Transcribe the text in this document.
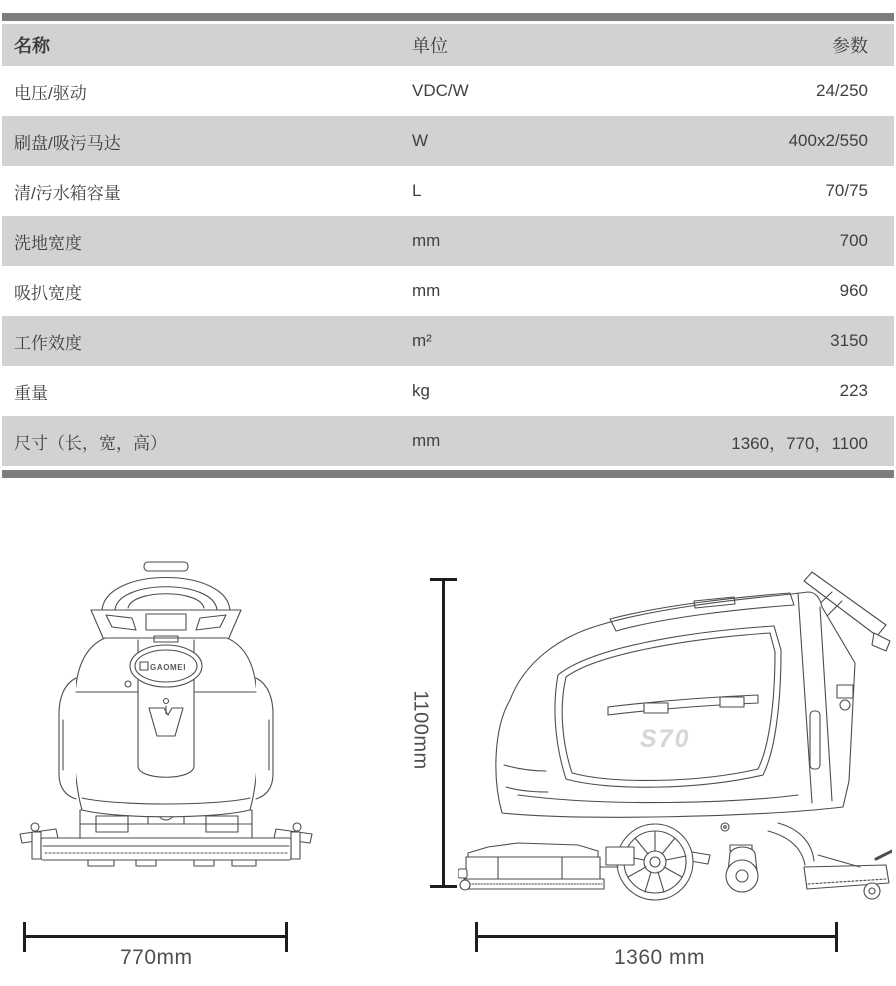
名称	单位	参数
电压/驱动	VDC/W	24/250
刷盘/吸污马达	W	400x2/550
清/污水箱容量	L	70/75
洗地宽度	mm	700
吸扒宽度	mm	960
工作效度	m²	3150
重量	kg	223
尺寸（长，宽，高）	mm	1360，770，1100
GAOMEI
770mm
S70
1100mm
1360 mm
